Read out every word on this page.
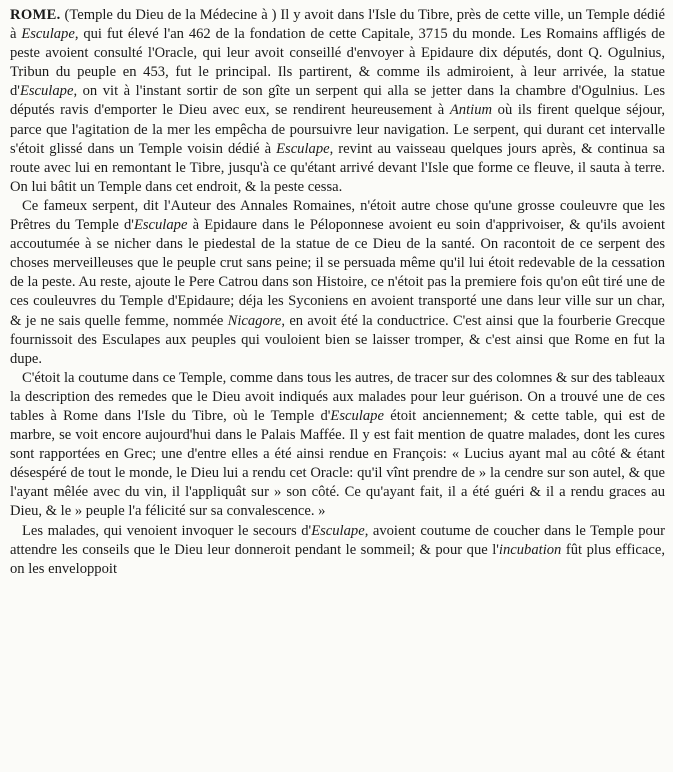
ROME. (Temple du Dieu de la Médecine à ) Il y avoit dans l'Isle du Tibre, près de cette ville, un Temple dédié à Esculape, qui fut élevé l'an 462 de la fondation de cette Capitale, 3715 du monde. Les Romains affligés de peste avoient consulté l'Oracle, qui leur avoit conseillé d'envoyer à Epidaure dix députés, dont Q. Ogulnius, Tribun du peuple en 453, fut le principal. Ils partirent, & comme ils admiroient, à leur arrivée, la statue d'Esculape, on vit à l'instant sortir de son gîte un serpent qui alla se jetter dans la chambre d'Ogulnius. Les députés ravis d'emporter le Dieu avec eux, se rendirent heureusement à Antium où ils firent quelque séjour, parce que l'agitation de la mer les empêcha de poursuivre leur navigation. Le serpent, qui durant cet intervalle s'étoit glissé dans un Temple voisin dédié à Esculape, revint au vaisseau quelques jours après, & continua sa route avec lui en remontant le Tibre, jusqu'à ce qu'étant arrivé devant l'Isle que forme ce fleuve, il sauta à terre. On lui bâtit un Temple dans cet endroit, & la peste cessa.

Ce fameux serpent, dit l'Auteur des Annales Romaines, n'étoit autre chose qu'une grosse couleuvre que les Prêtres du Temple d'Esculape à Epidaure dans le Péloponnese avoient eu soin d'apprivoiser, & qu'ils avoient accoutumée à se nicher dans le piedestal de la statue de ce Dieu de la santé. On racontoit de ce serpent des choses merveilleuses que le peuple crut sans peine; il se persuada même qu'il lui étoit redevable de la cessation de la peste. Au reste, ajoute le Pere Catrou dans son Histoire, ce n'étoit pas la premiere fois qu'on eût tiré une de ces couleuvres du Temple d'Epidaure; déja les Syconiens en avoient transporté une dans leur ville sur un char, & je ne sais quelle femme, nommée Nicagore, en avoit été la conductrice. C'est ainsi que la fourberie Grecque fournissoit des Esculapes aux peuples qui vouloient bien se laisser tromper, & c'est ainsi que Rome en fut la dupe.

C'étoit la coutume dans ce Temple, comme dans tous les autres, de tracer sur des colomnes & sur des tableaux la description des remedes que le Dieu avoit indiqués aux malades pour leur guérison. On a trouvé une de ces tables à Rome dans l'Isle du Tibre, où le Temple d'Esculape étoit anciennement; & cette table, qui est de marbre, se voit encore aujourd'hui dans le Palais Maffée. Il y est fait mention de quatre malades, dont les cures sont rapportées en Grec; une d'entre elles a été ainsi rendue en François: « Lucius ayant mal au côté & étant désespéré de tout le monde, le Dieu lui a rendu cet Oracle: qu'il vînt prendre de » la cendre sur son autel, & que l'ayant mêlée avec du vin, il l'appliquât sur » son côté. Ce qu'ayant fait, il a été guéri & il a rendu graces au Dieu, & le » peuple l'a félicité sur sa convalescence. »

Les malades, qui venoient invoquer le secours d'Esculape, avoient coutume de coucher dans le Temple pour attendre les conseils que le Dieu leur donneroit pendant le sommeil; & pour que l'incubation fût plus efficace, on les enveloppoit
